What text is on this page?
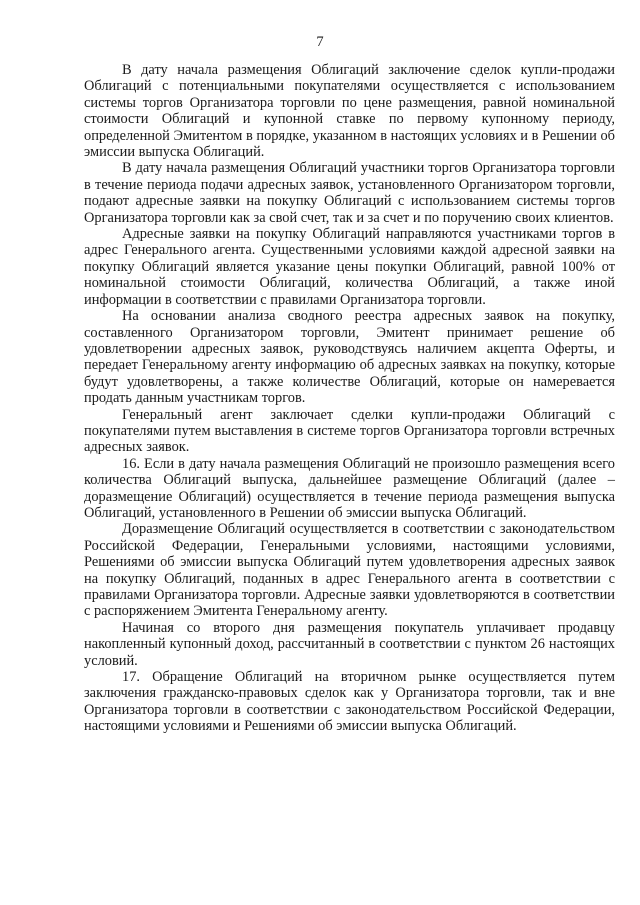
7

В дату начала размещения Облигаций заключение сделок купли-продажи Облигаций с потенциальными покупателями осуществляется с использованием системы торгов Организатора торговли по цене размещения, равной номинальной стоимости Облигаций и купонной ставке по первому купонному периоду, определенной Эмитентом в порядке, указанном в настоящих условиях и в Решении об эмиссии выпуска Облигаций.

В дату начала размещения Облигаций участники торгов Организатора торговли в течение периода подачи адресных заявок, установленного Организатором торговли, подают адресные заявки на покупку Облигаций с использованием системы торгов Организатора торговли как за свой счет, так и за счет и по поручению своих клиентов.

Адресные заявки на покупку Облигаций направляются участниками торгов в адрес Генерального агента. Существенными условиями каждой адресной заявки на покупку Облигаций является указание цены покупки Облигаций, равной 100% от номинальной стоимости Облигаций, количества Облигаций, а также иной информации в соответствии с правилами Организатора торговли.

На основании анализа сводного реестра адресных заявок на покупку, составленного Организатором торговли, Эмитент принимает решение об удовлетворении адресных заявок, руководствуясь наличием акцепта Оферты, и передает Генеральному агенту информацию об адресных заявках на покупку, которые будут удовлетворены, а также количестве Облигаций, которые он намеревается продать данным участникам торгов.

Генеральный агент заключает сделки купли-продажи Облигаций с покупателями путем выставления в системе торгов Организатора торговли встречных адресных заявок.

16. Если в дату начала размещения Облигаций не произошло размещения всего количества Облигаций выпуска, дальнейшее размещение Облигаций (далее – доразмещение Облигаций) осуществляется в течение периода размещения выпуска Облигаций, установленного в Решении об эмиссии выпуска Облигаций.

Доразмещение Облигаций осуществляется в соответствии с законодательством Российской Федерации, Генеральными условиями, настоящими условиями, Решениями об эмиссии выпуска Облигаций путем удовлетворения адресных заявок на покупку Облигаций, поданных в адрес Генерального агента в соответствии с правилами Организатора торговли. Адресные заявки удовлетворяются в соответствии с распоряжением Эмитента Генеральному агенту.

Начиная со второго дня размещения покупатель уплачивает продавцу накопленный купонный доход, рассчитанный в соответствии с пунктом 26 настоящих условий.

17. Обращение Облигаций на вторичном рынке осуществляется путем заключения гражданско-правовых сделок как у Организатора торговли, так и вне Организатора торговли в соответствии с законодательством Российской Федерации, настоящими условиями и Решениями об эмиссии выпуска Облигаций.
